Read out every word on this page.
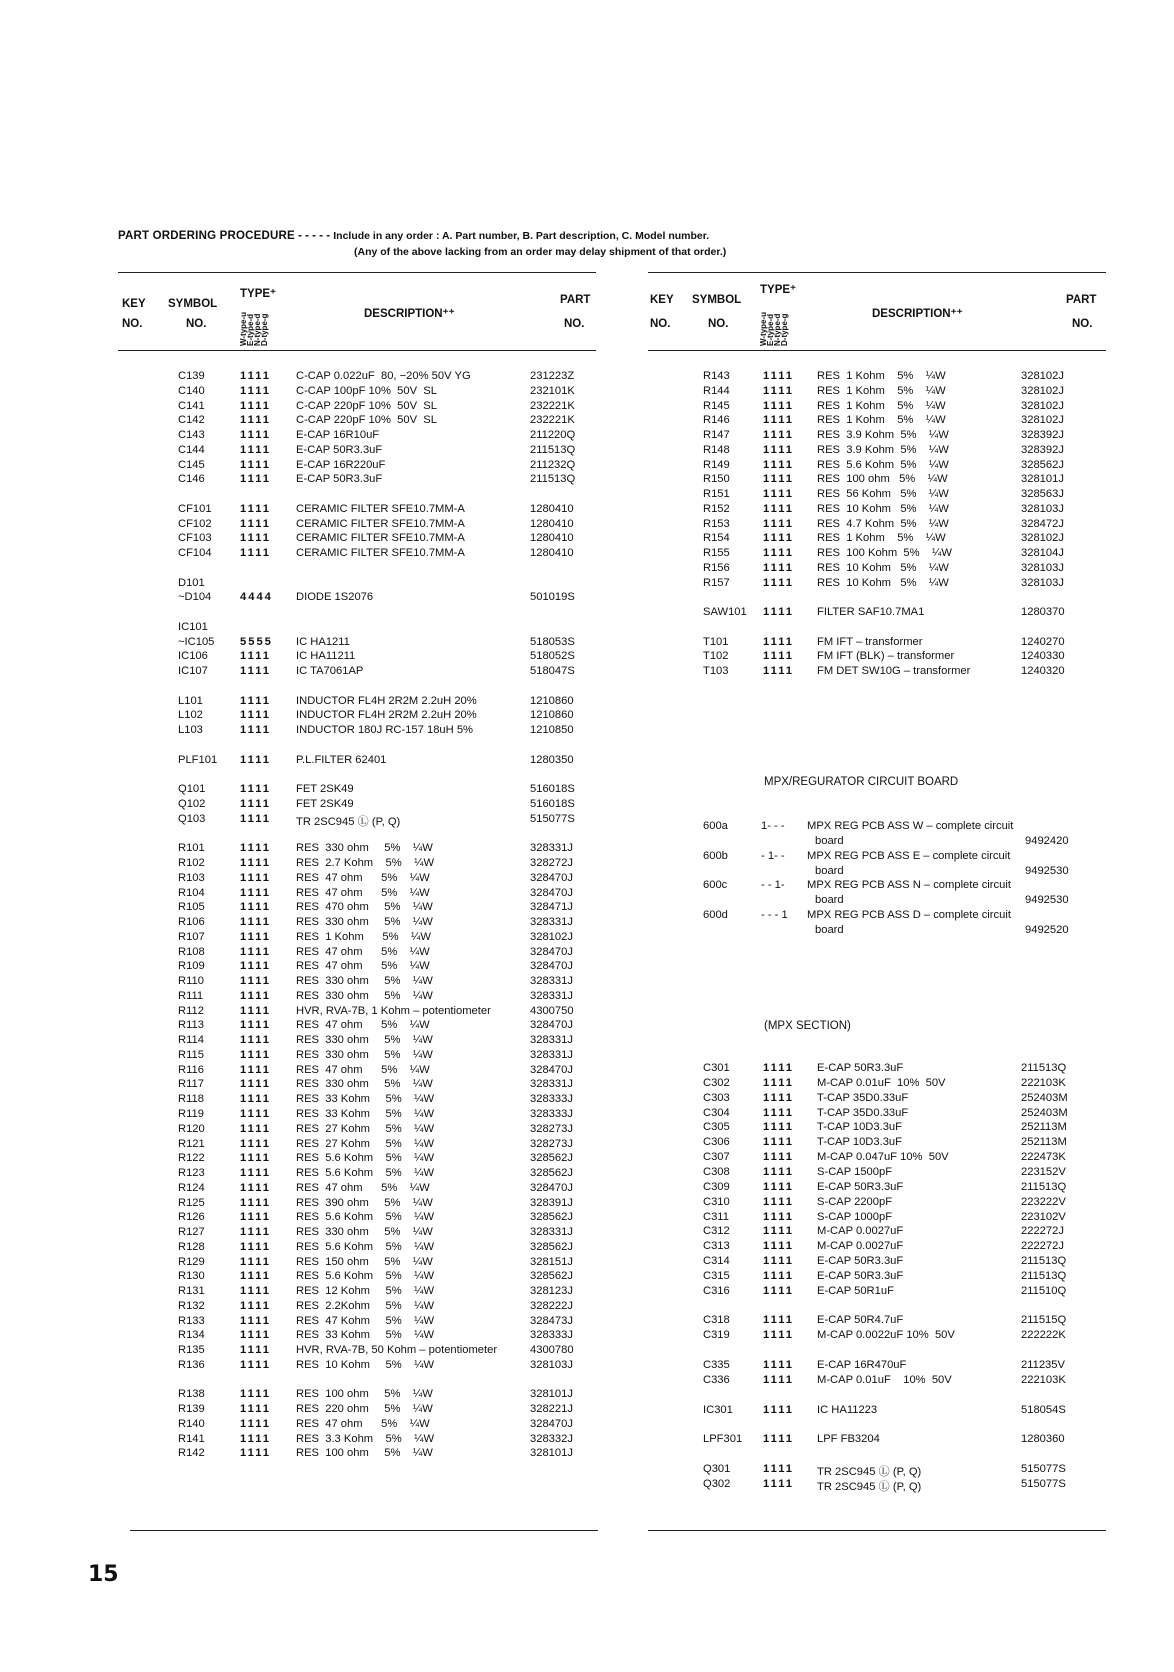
PART ORDERING PROCEDURE - - - - - Include in any order : A. Part number, B. Part description, C. Model number.
(Any of the above lacking from an order may delay shipment of that order.)
KEY
NO.
SYMBOL
NO.
TYPE⁺
W-type-u
E-type-d
N-type-d
D-type-g	DESCRIPTION⁺⁺
PART
NO.
KEY
NO.
SYMBOL
NO.
TYPE⁺
W-type-u
E-type-d
N-type-d
D-type-g	DESCRIPTION⁺⁺
PART
NO.
C139	1111 C-CAP 0.022uF  80, −20% 50V YG	231223Z
C140	1111 C-CAP 100pF 10%  50V  SL	232101K
C141	1111 C-CAP 220pF 10%  50V  SL	232221K
C142	1111 C-CAP 220pF 10%  50V  SL	232221K
C143	1111 E-CAP 16R10uF	211220Q
C144	1111 E-CAP 50R3.3uF	211513Q
C145	1111 E-CAP 16R220uF	211232Q
C146	1111 E-CAP 50R3.3uF	211513Q
CF101	1111 CERAMIC FILTER SFE10.7MM-A	1280410
CF102	1111 CERAMIC FILTER SFE10.7MM-A	1280410
CF103	1111 CERAMIC FILTER SFE10.7MM-A	1280410
CF104	1111 CERAMIC FILTER SFE10.7MM-A	1280410
D101
~D104	4444 DIODE 1S2076	501019S
IC101
~IC105 5555 IC HA1211	518053S
IC106	1111 IC HA11211	518052S
IC107	1111 IC TA7061AP	518047S
L101	1111 INDUCTOR FL4H 2R2M 2.2uH 20%	1210860
L102	1111 INDUCTOR FL4H 2R2M 2.2uH 20%	1210860
L103	1111 INDUCTOR 180J RC-157 18uH 5%	1210850
PLF101 1111 P.L.FILTER 62401	1280350
Q101	1111 FET 2SK49	516018S
Q102	1111 FET 2SK49	516018S
Q103	1111 TR 2SC945 Ⓛ (P, Q)	515077S
R101	1111 RES  330 ohm     5%    ¼W	328331J
R102	1111 RES  2.7 Kohm    5%    ¼W	328272J
R103	1111 RES  47 ohm      5%    ¼W	328470J
R104	1111 RES  47 ohm      5%    ¼W	328470J
R105	1111 RES  470 ohm     5%    ¼W	328471J
R106	1111 RES  330 ohm     5%    ¼W	328331J
R107	1111 RES  1 Kohm      5%    ¼W	328102J
R108	1111 RES  47 ohm      5%    ¼W	328470J
R109	1111 RES  47 ohm      5%    ¼W	328470J
R110	1111 RES  330 ohm     5%    ¼W	328331J
R111	1111 RES  330 ohm     5%    ¼W	328331J
R112	1111 HVR, RVA-7B, 1 Kohm – potentiometer	4300750
R113	1111 RES  47 ohm      5%    ¼W	328470J
R114	1111 RES  330 ohm     5%    ¼W	328331J
R115	1111 RES  330 ohm     5%    ¼W	328331J
R116	1111 RES  47 ohm      5%    ¼W	328470J
R117	1111 RES  330 ohm     5%    ¼W	328331J
R118	1111 RES  33 Kohm     5%    ¼W	328333J
R119	1111 RES  33 Kohm     5%    ¼W	328333J
R120	1111 RES  27 Kohm     5%    ¼W	328273J
R121	1111 RES  27 Kohm     5%    ¼W	328273J
R122	1111 RES  5.6 Kohm    5%    ¼W	328562J
R123	1111 RES  5.6 Kohm    5%    ¼W	328562J
R124	1111 RES  47 ohm      5%    ¼W	328470J
R125	1111 RES  390 ohm     5%    ¼W	328391J
R126	1111 RES  5.6 Kohm    5%    ¼W	328562J
R127	1111 RES  330 ohm     5%    ¼W	328331J
R128	1111 RES  5.6 Kohm    5%    ¼W	328562J
R129	1111 RES  150 ohm     5%    ¼W	328151J
R130	1111 RES  5.6 Kohm    5%    ¼W	328562J
R131	1111 RES  12 Kohm     5%    ¼W	328123J
R132	1111 RES  2.2Kohm     5%    ¼W	328222J
R133	1111 RES  47 Kohm     5%    ¼W	328473J
R134	1111 RES  33 Kohm     5%    ¼W	328333J
R135	1111 HVR, RVA-7B, 50 Kohm – potentiometer	4300780
R136	1111 RES  10 Kohm     5%    ¼W	328103J
R138	1111 RES  100 ohm     5%    ¼W	328101J
R139	1111 RES  220 ohm     5%    ¼W	328221J
R140	1111 RES  47 ohm      5%    ¼W	328470J
R141	1111 RES  3.3 Kohm    5%    ¼W	328332J
R142	1111 RES  100 ohm     5%    ¼W	328101J
R143	1111 RES  1 Kohm    5%    ¼W	328102J
R144	1111 RES  1 Kohm    5%    ¼W	328102J
R145	1111 RES  1 Kohm    5%    ¼W	328102J
R146	1111 RES  1 Kohm    5%    ¼W	328102J
R147	1111 RES  3.9 Kohm  5%    ¼W	328392J
R148	1111 RES  3.9 Kohm  5%    ¼W	328392J
R149	1111 RES  5.6 Kohm  5%    ¼W	328562J
R150	1111 RES  100 ohm   5%    ¼W	328101J
R151	1111 RES  56 Kohm   5%    ¼W	328563J
R152	1111 RES  10 Kohm   5%    ¼W	328103J
R153	1111 RES  4.7 Kohm  5%    ¼W	328472J
R154	1111 RES  1 Kohm    5%    ¼W	328102J
R155	1111 RES  100 Kohm  5%    ¼W	328104J
R156	1111 RES  10 Kohm   5%    ¼W	328103J
R157	1111 RES  10 Kohm   5%    ¼W	328103J
SAW101 1111 FILTER SAF10.7MA1	1280370
T101	1111 FM IFT – transformer	1240270
T102	1111 FM IFT (BLK) – transformer	1240330
T103	1111 FM DET SW10G – transformer	1240320
MPX/REGURATOR CIRCUIT BOARD
600a	1- - - MPX REG PCB ASS W – complete circuit
board	9492420
600b	- 1- - MPX REG PCB ASS E – complete circuit
board	9492530
600c	- - 1- MPX REG PCB ASS N – complete circuit
board	9492530
600d	- - - 1 MPX REG PCB ASS D – complete circuit
board	9492520
(MPX SECTION)
C301	1111 E-CAP 50R3.3uF	211513Q
C302	1111 M-CAP 0.01uF  10%  50V	222103K
C303	1111 T-CAP 35D0.33uF	252403M
C304	1111 T-CAP 35D0.33uF	252403M
C305	1111 T-CAP 10D3.3uF	252113M
C306	1111 T-CAP 10D3.3uF	252113M
C307	1111 M-CAP 0.047uF 10%  50V	222473K
C308	1111 S-CAP 1500pF	223152V
C309	1111 E-CAP 50R3.3uF	211513Q
C310	1111 S-CAP 2200pF	223222V
C311	1111 S-CAP 1000pF	223102V
C312	1111 M-CAP 0.0027uF	222272J
C313	1111 M-CAP 0.0027uF	222272J
C314	1111 E-CAP 50R3.3uF	211513Q
C315	1111 E-CAP 50R3.3uF	211513Q
C316	1111 E-CAP 50R1uF	211510Q
C318	1111 E-CAP 50R4.7uF	211515Q
C319	1111 M-CAP 0.0022uF 10%  50V	222222K
C335	1111 E-CAP 16R470uF	211235V
C336	1111 M-CAP 0.01uF    10%  50V	222103K
IC301	1111 IC HA11223	518054S
LPF301 1111 LPF FB3204	1280360
Q301	1111 TR 2SC945 Ⓛ (P, Q)	515077S
Q302	1111 TR 2SC945 Ⓛ (P, Q)	515077S
15
